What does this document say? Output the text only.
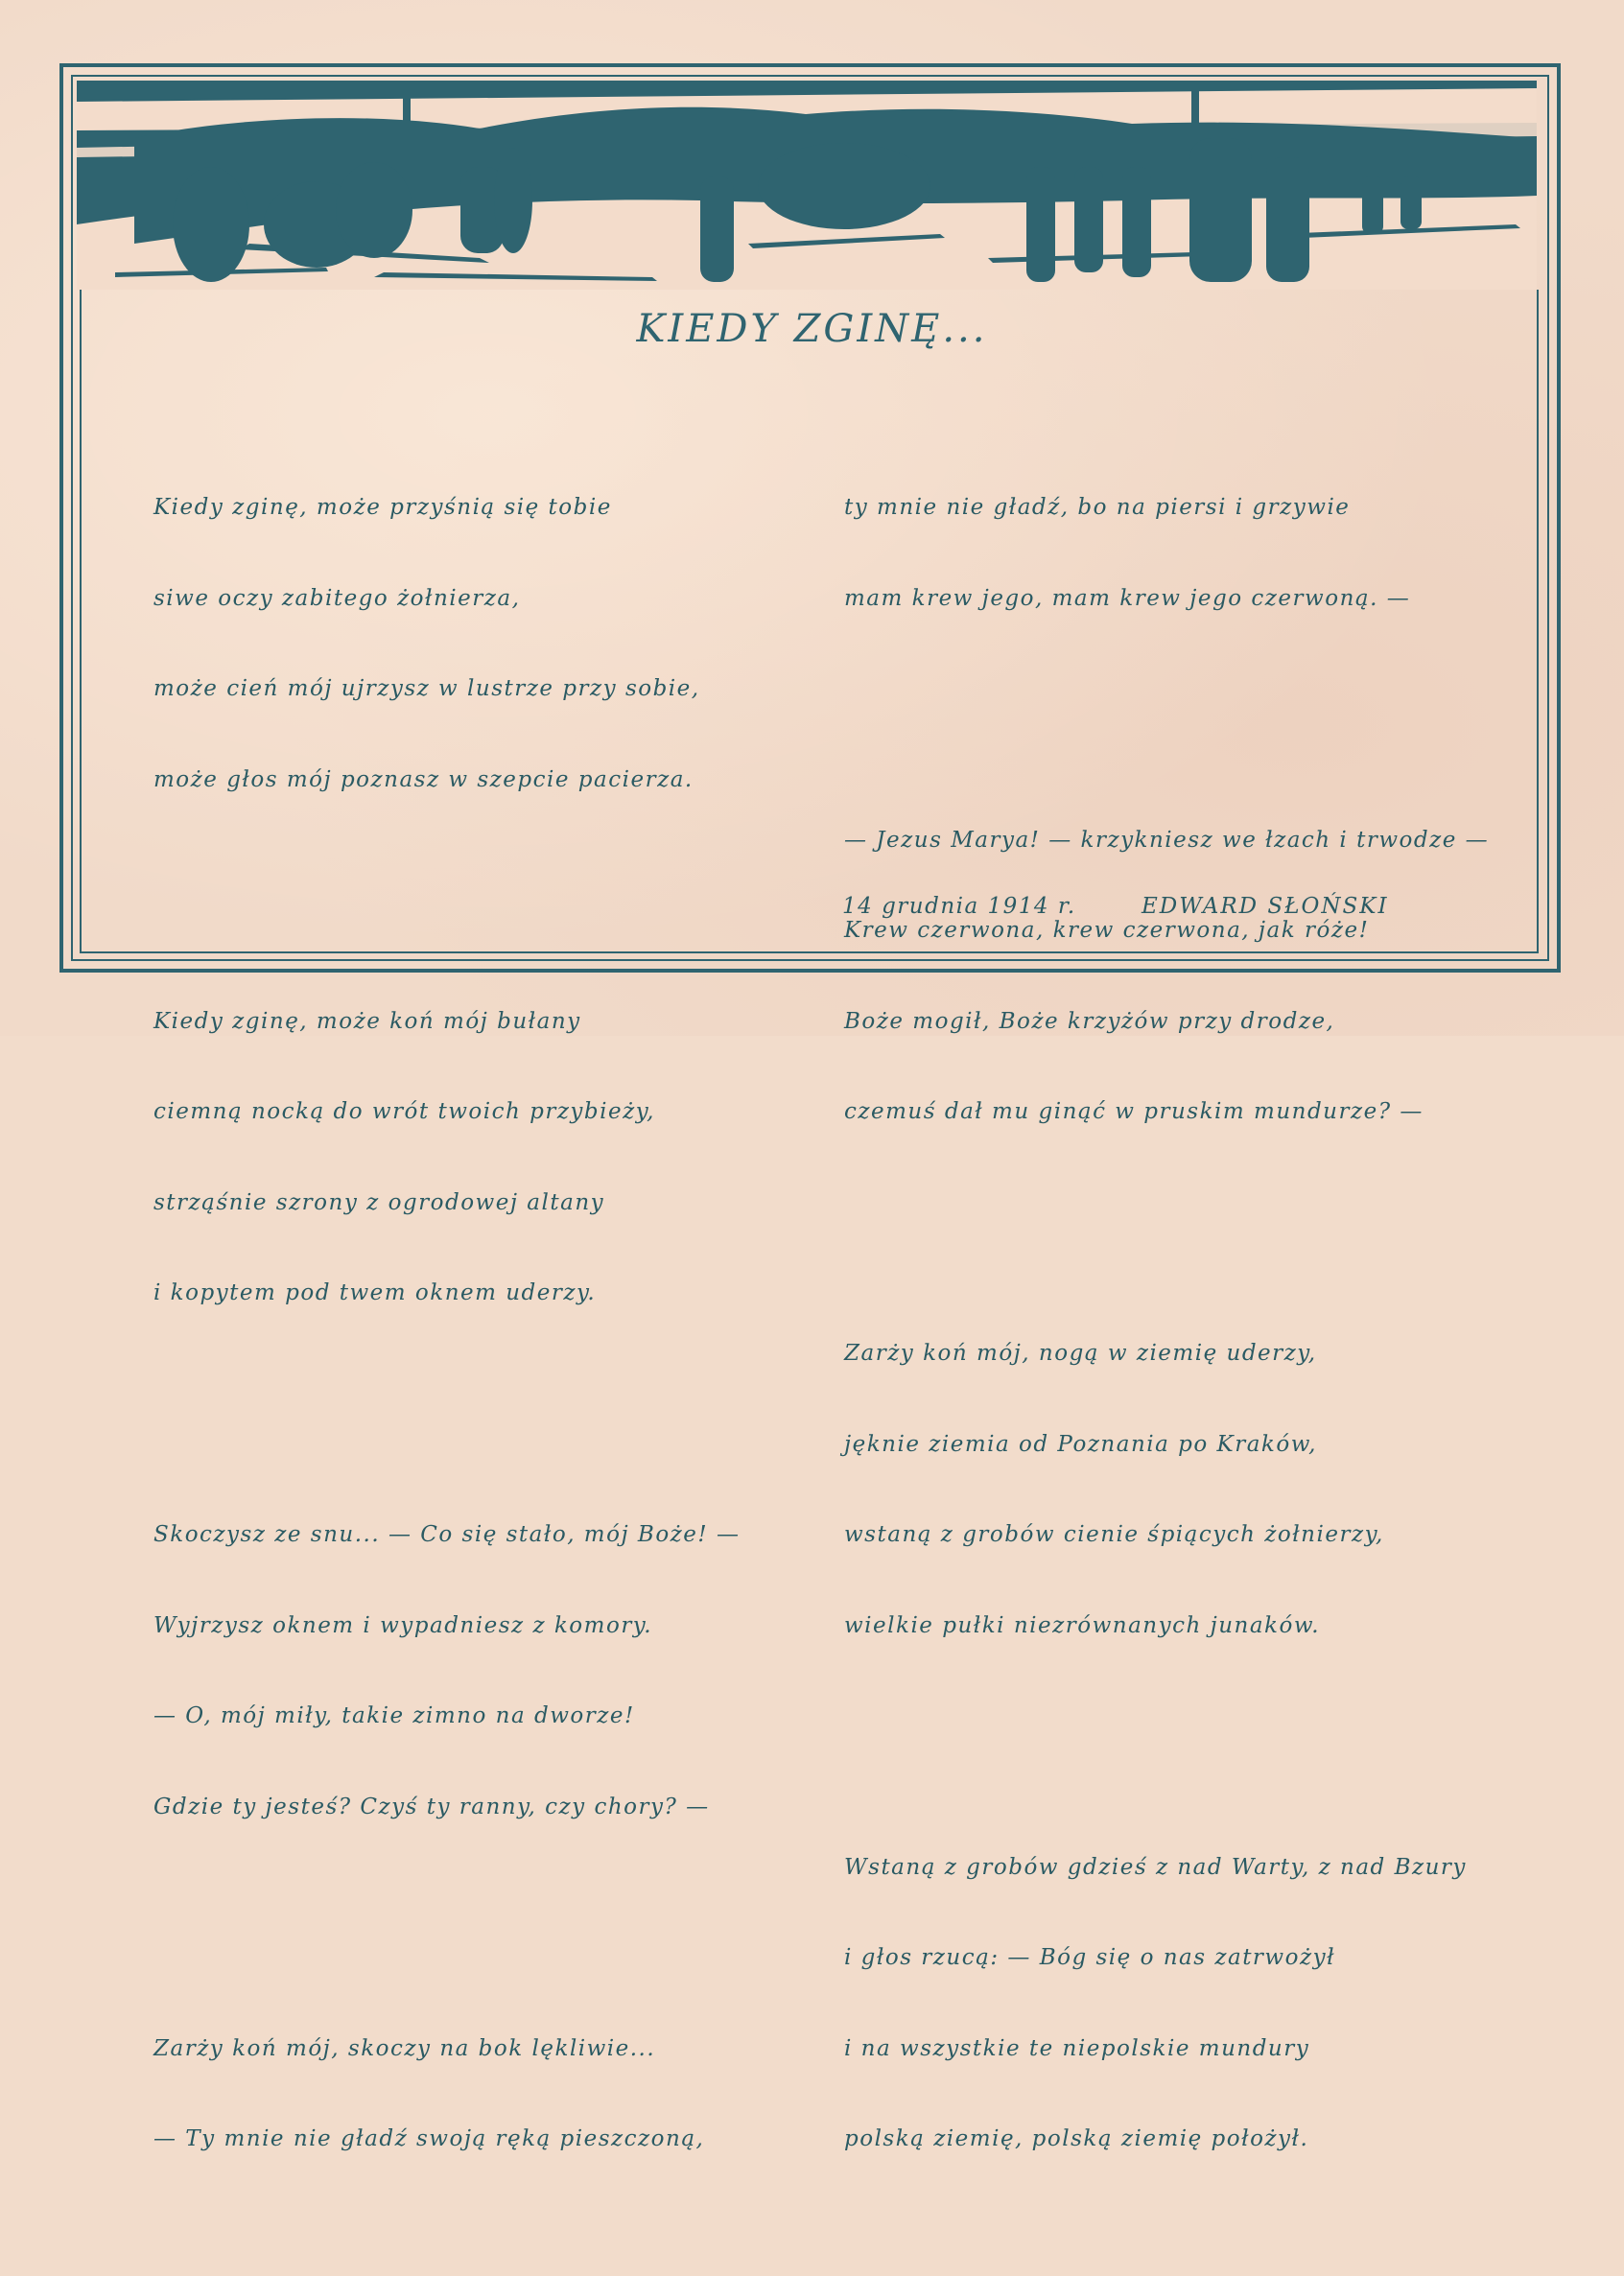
KIEDY ZGINĘ...

Kiedy zginę, może przyśnią się tobie

siwe oczy zabitego żołnierza,

może cień mój ujrzysz w lustrze przy sobie,

może głos mój poznasz w szepcie pacierza.

Kiedy zginę, może koń mój bułany

ciemną nocką do wrót twoich przybieży,

strząśnie szrony z ogrodowej altany

i kopytem pod twem oknem uderzy.

Skoczysz ze snu... — Co się stało, mój Boże! —

Wyjrzysz oknem i wypadniesz z komory.

— O, mój miły, takie zimno na dworze!

Gdzie ty jesteś? Czyś ty ranny, czy chory? —

Zarży koń mój, skoczy na bok lękliwie...

— Ty mnie nie gładź swoją ręką pieszczoną,

ty mnie nie gładź, bo na piersi i grzywie

mam krew jego, mam krew jego czerwoną. —

— Jezus Marya! — krzykniesz we łzach i trwodze —

Krew czerwona, krew czerwona, jak róże!

Boże mogił, Boże krzyżów przy drodze,

czemuś dał mu ginąć w pruskim mundurze? —

Zarży koń mój, nogą w ziemię uderzy,

jęknie ziemia od Poznania po Kraków,

wstaną z grobów cienie śpiących żołnierzy,

wielkie pułki niezrównanych junaków.

Wstaną z grobów gdzieś z nad Warty, z nad Bzury

i głos rzucą: — Bóg się o nas zatrwożył

i na wszystkie te niepolskie mundury

polską ziemię, polską ziemię położył.

14 grudnia 1914 r.	EDWARD SŁOŃSKI
